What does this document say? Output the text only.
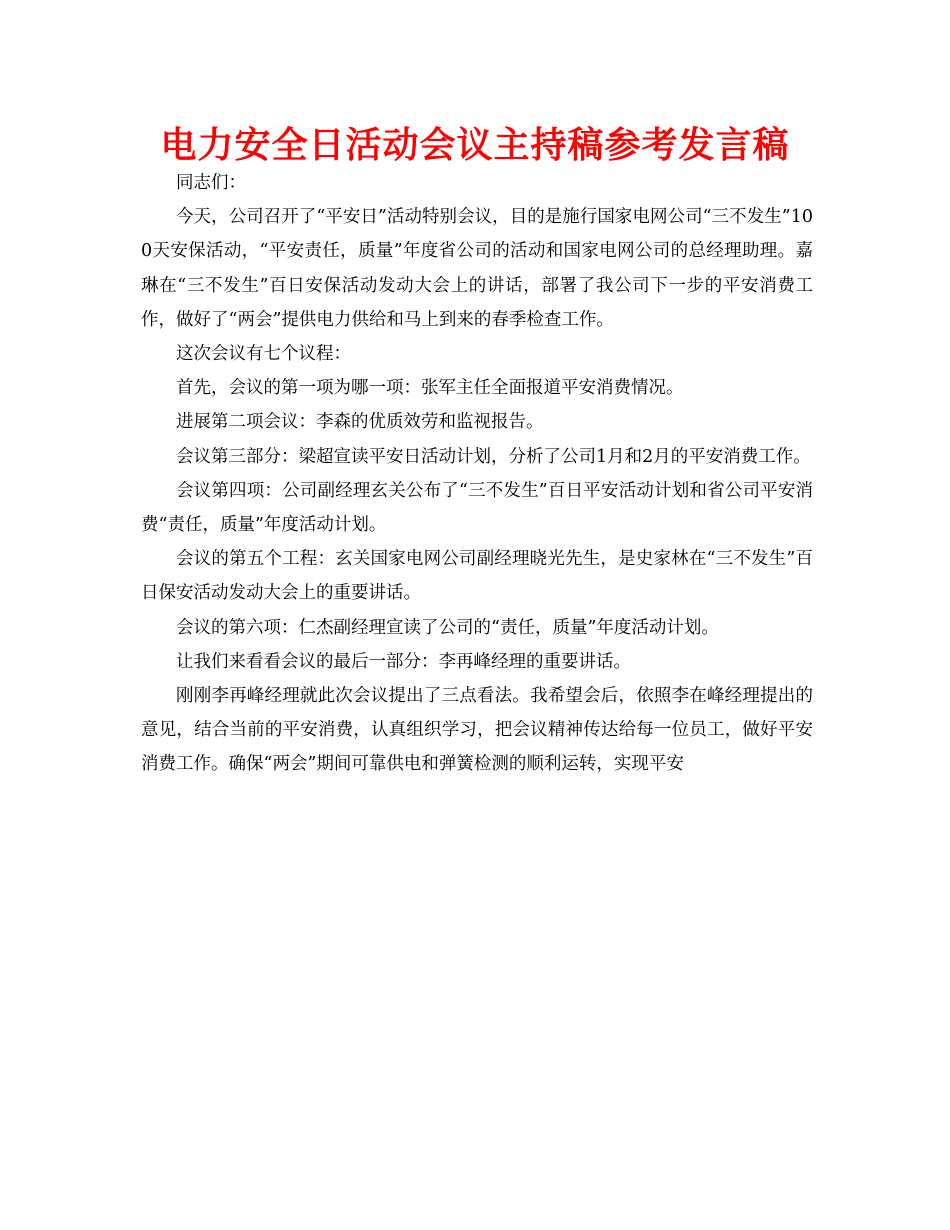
电力安全日活动会议主持稿参考发言稿

同志们：

今天，公司召开了“平安日”活动特别会议，目的是施行国家电网公司“三不发生”100天安保活动，“平安责任，质量”年度省公司的活动和国家电网公司的总经理助理。嘉琳在“三不发生”百日安保活动发动大会上的讲话，部署了我公司下一步的平安消费工作，做好了“两会”提供电力供给和马上到来的春季检查工作。

这次会议有七个议程：

首先，会议的第一项为哪一项：张军主任全面报道平安消费情况。

进展第二项会议：李森的优质效劳和监视报告。

会议第三部分：梁超宣读平安日活动计划，分析了公司1月和2月的平安消费工作。

会议第四项：公司副经理玄关公布了“三不发生”百日平安活动计划和省公司平安消费“责任，质量”年度活动计划。

会议的第五个工程：玄关国家电网公司副经理晓光先生，是史家林在“三不发生”百日保安活动发动大会上的重要讲话。

会议的第六项：仁杰副经理宣读了公司的“责任，质量”年度活动计划。

让我们来看看会议的最后一部分：李再峰经理的重要讲话。

刚刚李再峰经理就此次会议提出了三点看法。我希望会后，依照李在峰经理提出的意见，结合当前的平安消费，认真组织学习，把会议精神传达给每一位员工，做好平安消费工作。确保“两会”期间可靠供电和弹簧检测的顺利运转，实现平安
